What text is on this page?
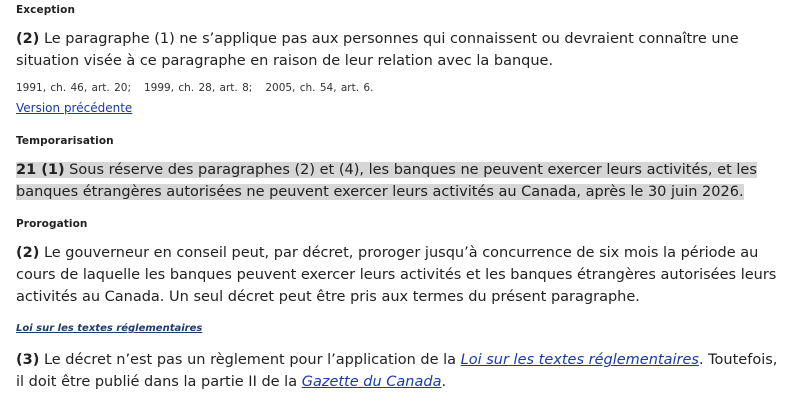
Exception
(2) Le paragraphe (1) ne s’applique pas aux personnes qui connaissent ou devraient connaître une situation visée à ce paragraphe en raison de leur relation avec la banque.
1991, ch. 46, art. 20; 1999, ch. 28, art. 8; 2005, ch. 54, art. 6.
Version précédente
Temporarisation
21 (1) Sous réserve des paragraphes (2) et (4), les banques ne peuvent exercer leurs activités, et les banques étrangères autorisées ne peuvent exercer leurs activités au Canada, après le 30 juin 2026.
Prorogation
(2) Le gouverneur en conseil peut, par décret, proroger jusqu’à concurrence de six mois la période au cours de laquelle les banques peuvent exercer leurs activités et les banques étrangères autorisées leurs activités au Canada. Un seul décret peut être pris aux termes du présent paragraphe.
Loi sur les textes réglementaires
(3) Le décret n’est pas un règlement pour l’application de la Loi sur les textes réglementaires. Toutefois, il doit être publié dans la partie II de la Gazette du Canada.
